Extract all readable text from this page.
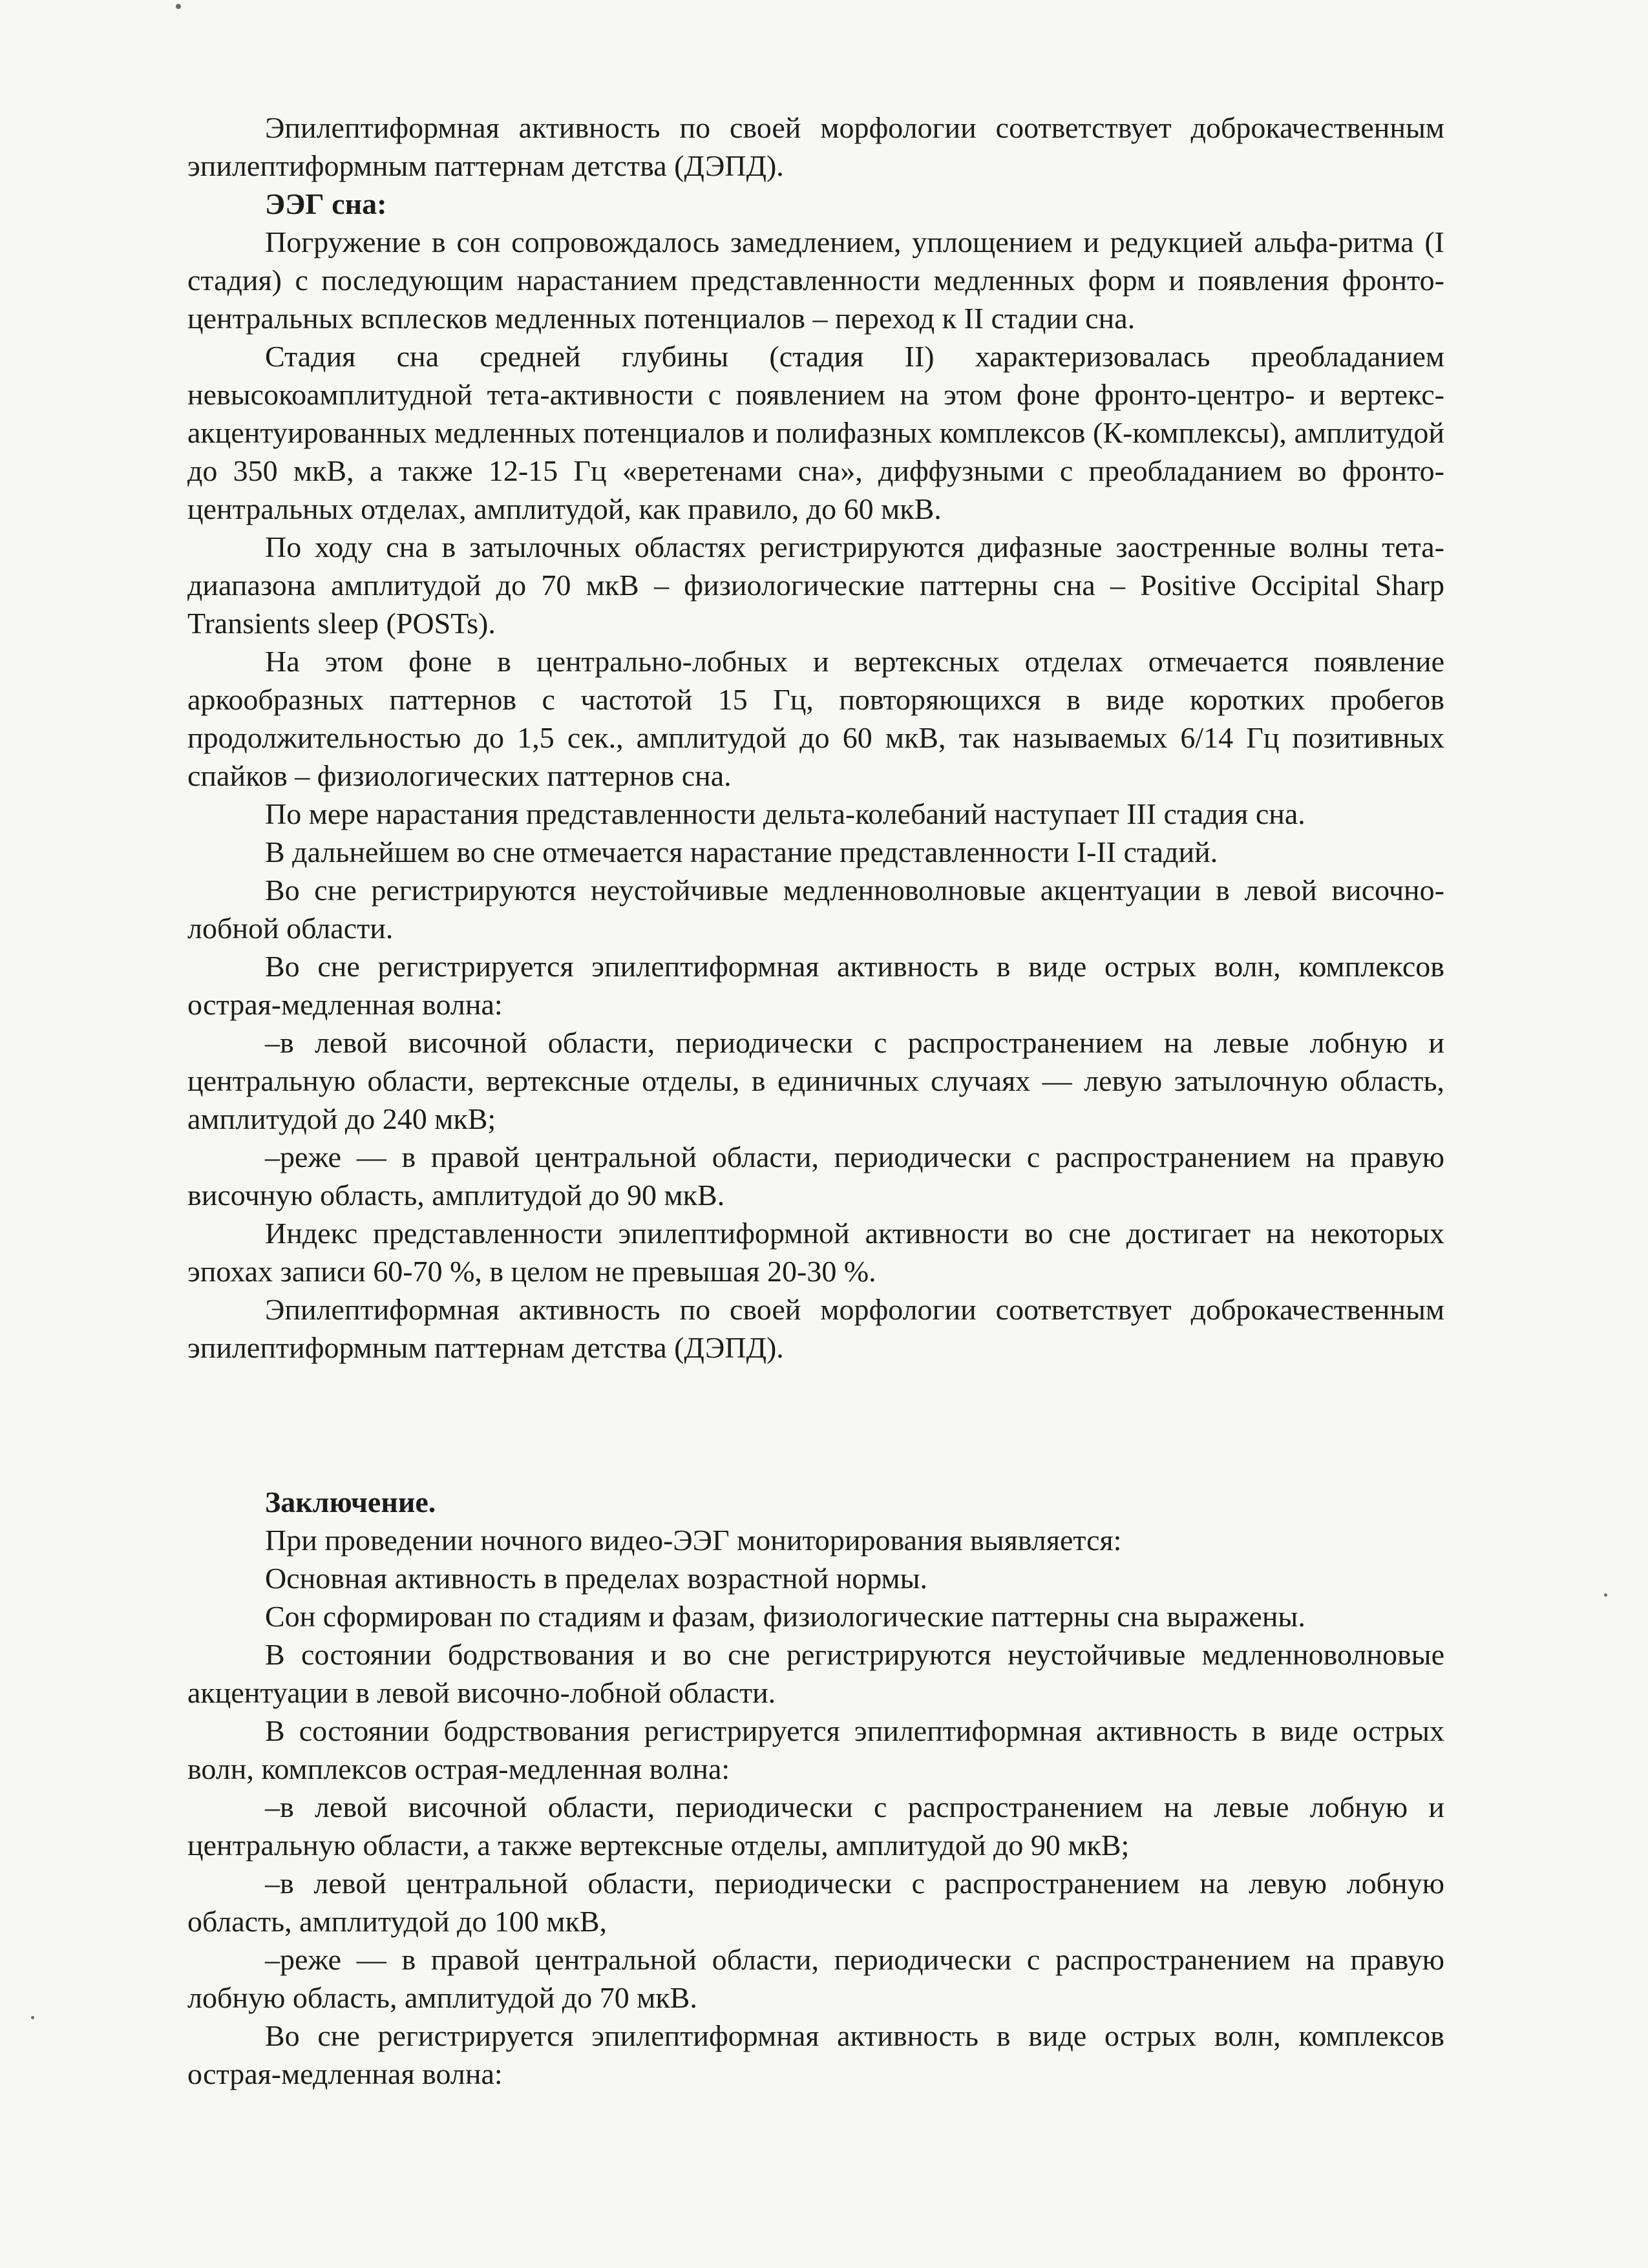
Эпилептиформная активность по своей морфологии соответствует доброкачественным эпилептиформным паттернам детства (ДЭПД).

ЭЭГ сна:

Погружение в сон сопровождалось замедлением, уплощением и редукцией альфа-ритма (I стадия) с последующим нарастанием представленности медленных форм и появления фронто-центральных всплесков медленных потенциалов – переход к II стадии сна.

Стадия сна средней глубины (стадия II) характеризовалась преобладанием невысокоамплитудной тета-активности с появлением на этом фоне фронто-центро- и вертекс-акцентуированных медленных потенциалов и полифазных комплексов (К-комплексы), амплитудой до 350 мкВ, а также 12-15 Гц «веретенами сна», диффузными с преобладанием во фронто-центральных отделах, амплитудой, как правило, до 60 мкВ.

По ходу сна в затылочных областях регистрируются дифазные заостренные волны тета-диапазона амплитудой до 70 мкВ – физиологические паттерны сна – Positive Occipital Sharp Transients sleep (POSTs).

На этом фоне в центрально-лобных и вертексных отделах отмечается появление аркообразных паттернов с частотой 15 Гц, повторяющихся в виде коротких пробегов продолжительностью до 1,5 сек., амплитудой до 60 мкВ, так называемых 6/14 Гц позитивных спайков – физиологических паттернов сна.

По мере нарастания представленности дельта-колебаний наступает III стадия сна.

В дальнейшем во сне отмечается нарастание представленности I-II стадий.

Во сне регистрируются неустойчивые медленноволновые акцентуации в левой височно-лобной области.

Во сне регистрируется эпилептиформная активность в виде острых волн, комплексов острая-медленная волна:

–в левой височной области, периодически с распространением на левые лобную и центральную области, вертексные отделы, в единичных случаях — левую затылочную область, амплитудой до 240 мкВ;

–реже — в правой центральной области, периодически с распространением на правую височную область, амплитудой до 90 мкВ.

Индекс представленности эпилептиформной активности во сне достигает на некоторых эпохах записи 60-70 %, в целом не превышая 20-30 %.

Эпилептиформная активность по своей морфологии соответствует доброкачественным эпилептиформным паттернам детства (ДЭПД).

Заключение.

При проведении ночного видео-ЭЭГ мониторирования выявляется:

Основная активность в пределах возрастной нормы.

Сон сформирован по стадиям и фазам, физиологические паттерны сна выражены.

В состоянии бодрствования и во сне регистрируются неустойчивые медленноволновые акцентуации в левой височно-лобной области.

В состоянии бодрствования регистрируется эпилептиформная активность в виде острых волн, комплексов острая-медленная волна:

–в левой височной области, периодически с распространением на левые лобную и центральную области, а также вертексные отделы, амплитудой до 90 мкВ;

–в левой центральной области, периодически с распространением на левую лобную область, амплитудой до 100 мкВ,

–реже — в правой центральной области, периодически с распространением на правую лобную область, амплитудой до 70 мкВ.

Во сне регистрируется эпилептиформная активность в виде острых волн, комплексов острая-медленная волна:
